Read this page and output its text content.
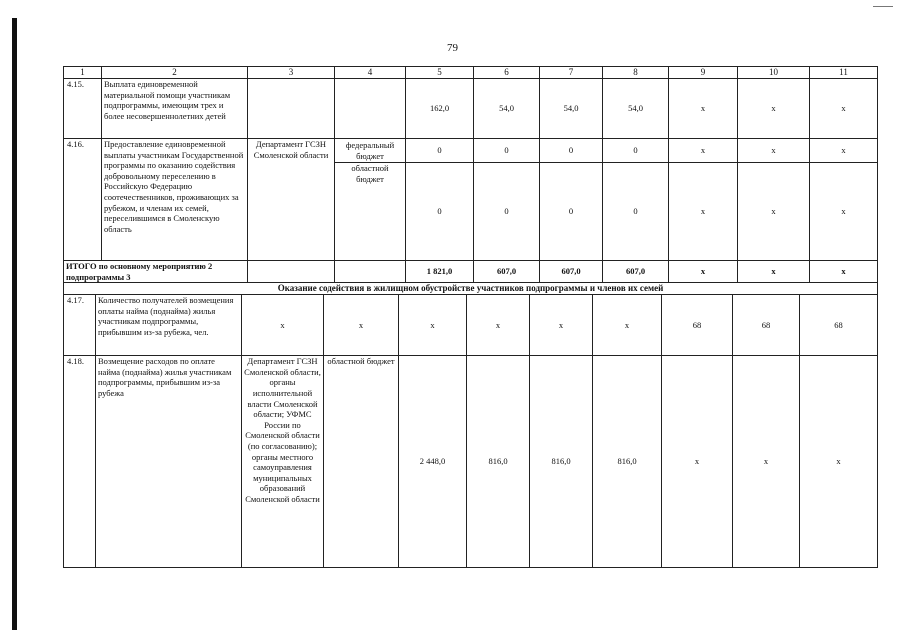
79
1	2	3	4	5	6	7	8	9	10	11
4.15.	Выплата единовременной материальной помощи участникам подпрограммы, имеющим трех и более несовершеннолетних детей			162,0	54,0	54,0	54,0	х	х	х
4.16.	Предоставление единовременной выплаты участникам Государственной программы по оказанию содействия добровольному переселению в Российскую Федерацию соотечественников, проживающих за рубежом, и членам их семей, переселившимся в Смоленскую область	Департамент ГСЗН Смоленской области	федеральный бюджет	0	0	0	0	х	х	х
			областной бюджет	0	0	0	0	х	х	х
ИТОГО по основному мероприятию 2 подпрограммы 3				1 821,0	607,0	607,0	607,0	х	х	х
Оказание содействия в жилищном обустройстве участников подпрограммы и членов их семей										
4.17.	Количество получателей возмещения оплаты найма (поднайма) жилья участникам подпрограммы, прибывшим из-за рубежа, чел.	х	х	х	х	х	х	68	68	68
4.18.	Возмещение расходов по оплате найма (поднайма) жилья участникам подпрограммы, прибывшим из-за рубежа	Департамент ГСЗН Смоленской области, органы исполнительной власти Смоленской области; УФМС России по Смоленской области (по согласованию); органы местного самоуправления муниципальных образований Смоленской области	областной бюджет	2 448,0	816,0	816,0	816,0	х	х	х
